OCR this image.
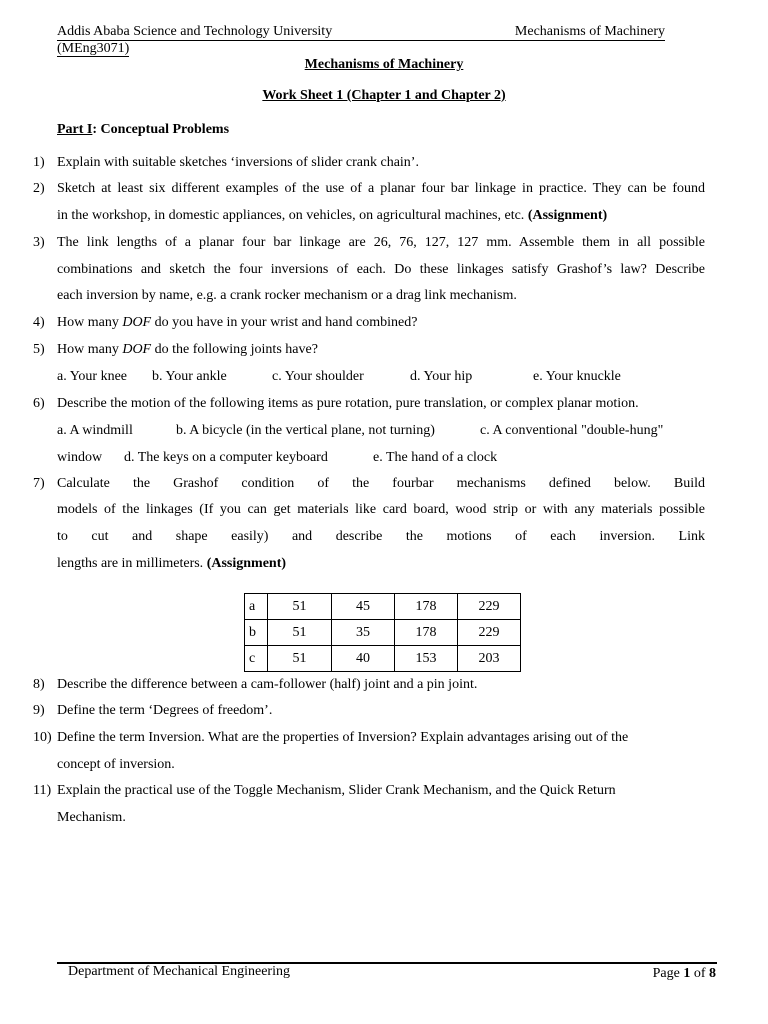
Addis Ababa Science and Technology University	Mechanisms of Machinery
(MEng3071)
Mechanisms of Machinery
Work Sheet 1 (Chapter 1 and Chapter 2)
Part I: Conceptual Problems
1) Explain with suitable sketches ‘inversions of slider crank chain’.
2) Sketch at least six different examples of the use of a planar four bar linkage in practice. They can be found
in the workshop, in domestic appliances, on vehicles, on agricultural machines, etc. (Assignment)
3) The link lengths of a planar four bar linkage are 26, 76, 127, 127 mm. Assemble them in all possible
combinations and sketch the four inversions of each. Do these linkages satisfy Grashof’s law? Describe
each inversion by name, e.g. a crank rocker mechanism or a drag link mechanism.
4) How many DOF do you have in your wrist and hand combined?
5) How many DOF do the following joints have?
a. Your knee b. Your ankle	c. Your shoulder	d. Your hip	e. Your knuckle
6) Describe the motion of the following items as pure rotation, pure translation, or complex planar motion.
a. A windmill	b. A bicycle (in the vertical plane, not turning)	c. A conventional "double-hung"
window d. The keys on a computer keyboard	e. The hand of a clock
7) Calculate the Grashof condition of the fourbar mechanisms defined below. Build
models of the linkages (If you can get materials like card board, wood strip or with any materials possible
to cut and shape easily) and describe the motions of each inversion. Link
lengths are in millimeters. (Assignment)
a	51	45	178	229
b	51	35	178	229
c	51	40	153	203
8) Describe the difference between a cam-follower (half) joint and a pin joint.
9) Define the term ‘Degrees of freedom’.
10) Define the term Inversion. What are the properties of Inversion? Explain advantages arising out of the
concept of inversion.
11) Explain the practical use of the Toggle Mechanism, Slider Crank Mechanism, and the Quick Return
Mechanism.
Department of Mechanical Engineering	Page 1 of 8
